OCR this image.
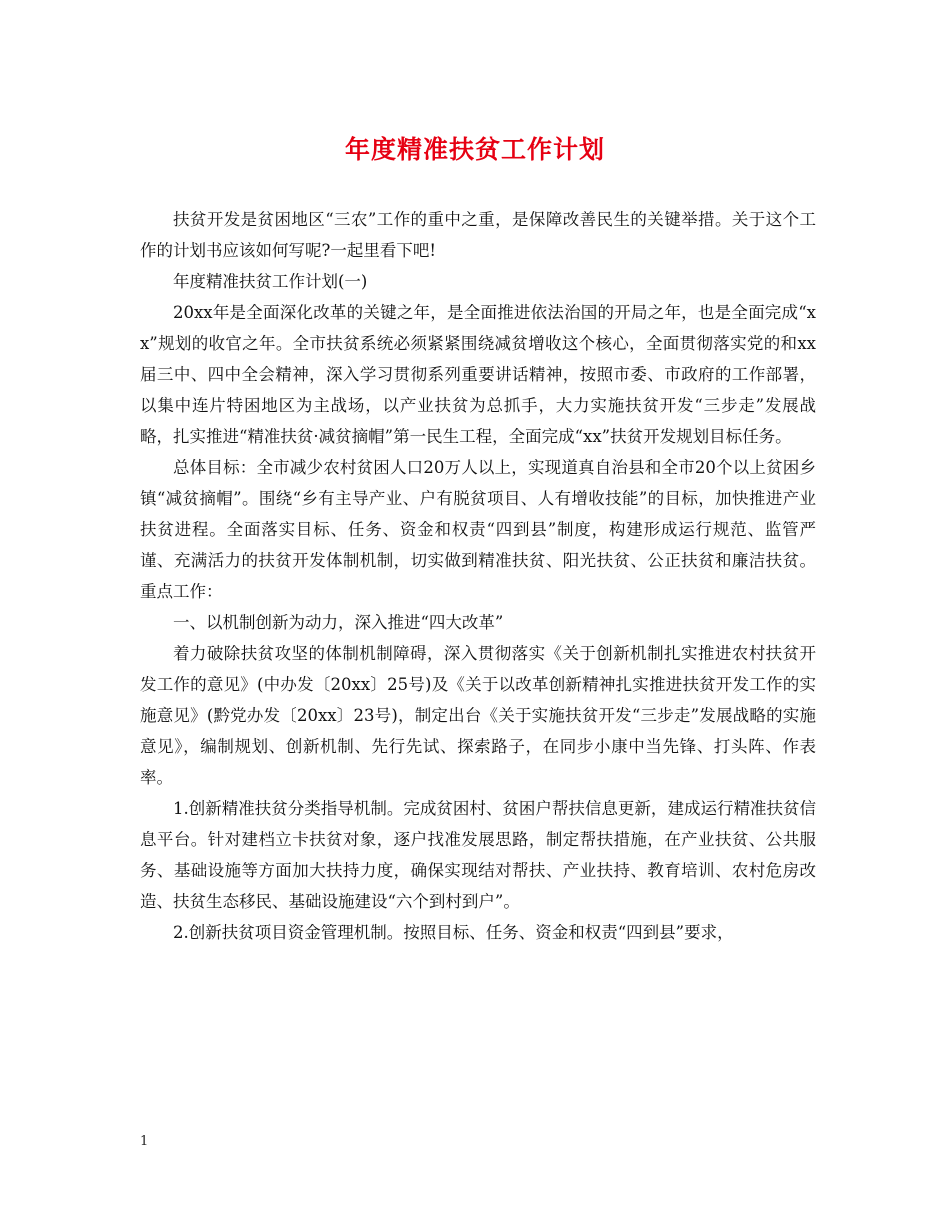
年度精准扶贫工作计划

扶贫开发是贫困地区“三农”工作的重中之重，是保障改善民生的关键举措。关于这个工作的计划书应该如何写呢?一起里看下吧!

年度精准扶贫工作计划(一)

20xx年是全面深化改革的关键之年，是全面推进依法治国的开局之年，也是全面完成“xx”规划的收官之年。全市扶贫系统必须紧紧围绕减贫增收这个核心，全面贯彻落实党的和xx届三中、四中全会精神，深入学习贯彻系列重要讲话精神，按照市委、市政府的工作部署，以集中连片特困地区为主战场，以产业扶贫为总抓手，大力实施扶贫开发“三步走”发展战略，扎实推进“精准扶贫·减贫摘帽”第一民生工程，全面完成“xx”扶贫开发规划目标任务。

总体目标：全市减少农村贫困人口20万人以上，实现道真自治县和全市20个以上贫困乡镇“减贫摘帽”。围绕“乡有主导产业、户有脱贫项目、人有增收技能”的目标，加快推进产业扶贫进程。全面落实目标、任务、资金和权责“四到县”制度，构建形成运行规范、监管严谨、充满活力的扶贫开发体制机制，切实做到精准扶贫、阳光扶贫、公正扶贫和廉洁扶贫。重点工作：

一、以机制创新为动力，深入推进“四大改革”

着力破除扶贫攻坚的体制机制障碍，深入贯彻落实《关于创新机制扎实推进农村扶贫开发工作的意见》(中办发〔20xx〕25号)及《关于以改革创新精神扎实推进扶贫开发工作的实施意见》(黔党办发〔20xx〕23号)，制定出台《关于实施扶贫开发“三步走”发展战略的实施意见》，编制规划、创新机制、先行先试、探索路子，在同步小康中当先锋、打头阵、作表率。

1.创新精准扶贫分类指导机制。完成贫困村、贫困户帮扶信息更新，建成运行精准扶贫信息平台。针对建档立卡扶贫对象，逐户找准发展思路，制定帮扶措施，在产业扶贫、公共服务、基础设施等方面加大扶持力度，确保实现结对帮扶、产业扶持、教育培训、农村危房改造、扶贫生态移民、基础设施建设“六个到村到户”。

2.创新扶贫项目资金管理机制。按照目标、任务、资金和权责“四到县”要求，

1
